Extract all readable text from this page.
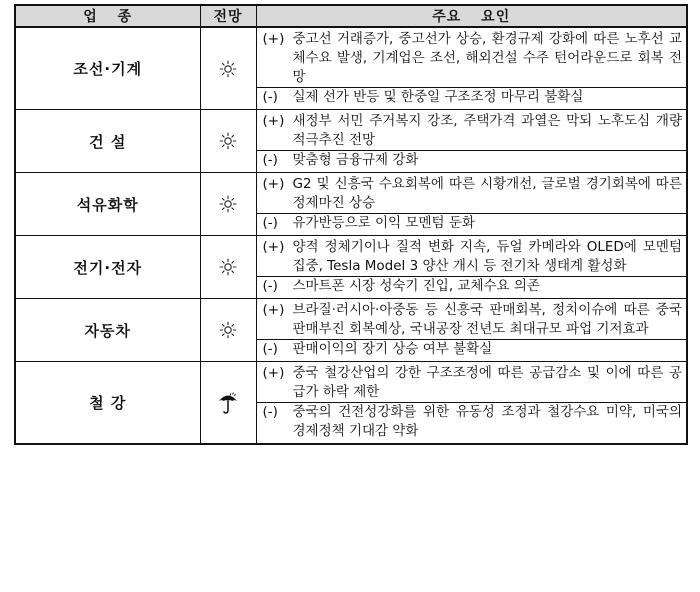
업 종	전망	주요 요인
조선·기계		(+) 중고선 거래증가, 중고선가 상승, 환경규제 강화에 따른 노후선 교체수요 발생, 기계업은 조선, 해외건설 수주 턴어라운드로 회복 전망
(-) 실제 선가 반등 및 한중일 구조조정 마무리 불확실

건 설		(+) 새정부 서민 주거복지 강조, 주택가격 과열은 막되 노후도심 개량 적극추진 전망
(-) 맞춤형 금융규제 강화

석유화학		(+) G2 및 신흥국 수요회복에 따른 시황개선, 글로벌 경기회복에 따른 정제마진 상승
(-) 유가반등으로 이익 모멘텀 둔화

전기·전자		(+) 양적 정체기이나 질적 변화 지속, 듀얼 카메라와 OLED에 모멘텀 집중, Tesla Model 3 양산 개시 등 전기차 생태계 활성화
(-) 스마트폰 시장 성숙기 진입, 교체수요 의존

자동차		(+) 브라질·러시아·아중동 등 신흥국 판매회복, 정치이슈에 따른 중국 판매부진 회복예상, 국내공장 전년도 최대규모 파업 기저효과
(-) 판매이익의 장기 상승 여부 불확실

철 강		(+) 중국 철강산업의 강한 구조조정에 따른 공급감소 및 이에 따른 공급가 하락 제한
(-) 중국의 건전성강화를 위한 유동성 조정과 철강수요 미약, 미국의 경제정책 기대감 약화
